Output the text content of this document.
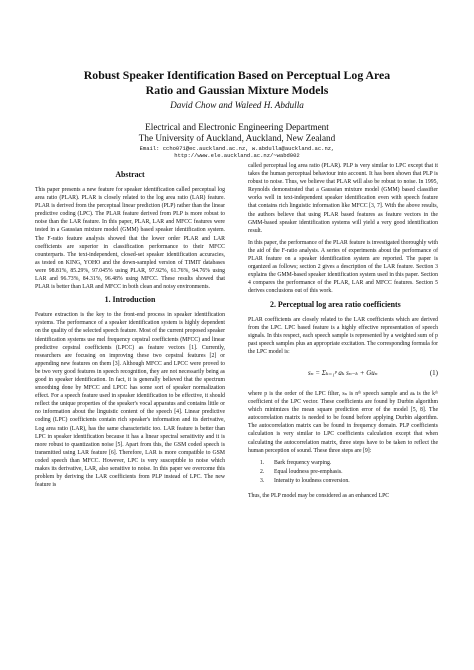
Robust Speaker Identification Based on Perceptual Log Area
Ratio and Gaussian Mixture Models
David Chow and Waleed H. Abdulla
Electrical and Electronic Engineering Department
The University of Auckland, Auckland, New Zealand
Email: ccho071@ec.auckland.ac.nz, w.abdulla@auckland.ac.nz,
http://www.ele.auckland.ac.nz/~wabd002
Abstract

This paper presents a new feature for speaker identification called perceptual log area ratio (PLAR). PLAR is closely related to the log area ratio (LAR) feature. PLAR is derived from the perceptual linear prediction (PLP) rather than the linear predictive coding (LPC). The PLAR feature derived from PLP is more robust to noise than the LAR feature. In this paper, PLAR, LAR and MFCC features were tested in a Gaussian mixture model (GMM) based speaker identification system. The F-ratio feature analysis showed that the lower order PLAR and LAR coefficients are superior in classification performance to their MFCC counterparts. The text-independent, closed-set speaker identification accuracies, as tested on KING, YOHO and the down-sampled version of TIMIT databases were 98.81%, 85.29%, 97.045% using PLAR, 97.92%, 61.76%, 94.76% using LAR and 96.73%, 84.31%, 96.48% using MFCC. These results showed that PLAR is better than LAR and MFCC in both clean and noisy environments.

1. Introduction

Feature extraction is the key to the front-end process in speaker identification systems. The performance of a speaker identification system is highly dependent on the quality of the selected speech feature. Most of the current proposed speaker identification systems use mel frequency cepstral coefficients (MFCC) and linear predictive cepstral coefficients (LPCC) as feature vectors [1]. Currently, researchers are focusing on improving these two cepstral features [2] or appending new features on them [3]. Although MFCC and LPCC were proved to be two very good features in speech recognition, they are not necessarily being as good in speaker identification. In fact, it is generally believed that the spectrum smoothing done by MFCC and LPCC has some sort of speaker normalization effect. For a speech feature used in speaker identification to be effective, it should reflect the unique properties of the speaker's vocal apparatus and contains little or no information about the linguistic content of the speech [4]. Linear predictive coding (LPC) coefficients contain rich speaker's information and its derivative, Log area ratio (LAR), has the same characteristic too. LAR feature is better than LPC in speaker identification because it has a linear spectral sensitivity and it is more robust to quantization noise [5]. Apart from this, the GSM coded speech is transmitted using LAR feature [6]. Therefore, LAR is more compatible to GSM coded speech than MFCC. However, LPC is very susceptible to noise which makes its derivative, LAR, also sensitive to noise. In this paper we overcome this problem by deriving the LAR coefficients from PLP instead of LPC. The new feature is

called perceptual log area ratio (PLAR). PLP is very similar to LPC except that it takes the human perceptual behaviour into account. It has been shown that PLP is robust to noise. Thus, we believe that PLAR will also be robust to noise. In 1995, Reynolds demonstrated that a Gaussian mixture model (GMM) based classifier works well in text-independent speaker identification even with speech feature that contains rich linguistic information like MFCC [3, 7]. With the above results, the authors believe that using PLAR based features as feature vectors in the GMM-based speaker identification systems will yield a very good identification result.

In this paper, the performance of the PLAR feature is investigated thoroughly with the aid of the F-ratio analysis. A series of experiments about the performance of PLAR feature on a speaker identification system are reported. The paper is organized as follows; section 2 gives a description of the LAR feature. Section 3 explains the GMM-based speaker identification system used in this paper. Section 4 compares the performance of the PLAR, LAR and MFCC features. Section 5 derives conclusions out of this work.

2. Perceptual log area ratio coefficients

PLAR coefficients are closely related to the LAR coefficients which are derived from the LPC. LPC based feature is a highly effective representation of speech signals. In this respect, each speech sample is represented by a weighted sum of p past speech samples plus an appropriate excitation. The corresponding formula for the LPC model is:

sₙ = Σₖ₌₁ᵖ aₖ sₙ₋ₖ + Guₙ	(1)

where p is the order of the LPC filter, sₙ is nᵗʰ speech sample and aₖ is the kᵗʰ coefficient of the LPC vector. These coefficients are found by Durbin algorithm which minimizes the mean square prediction error of the model [5, 8]. The autocorrelation matrix is needed to be found before applying Durbin algorithm. The autocorrelation matrix can be found in frequency domain. PLP coefficients calculation is very similar to LPC coefficients calculation except that when calculating the autocorrelation matrix, three steps have to be taken to reflect the human perception of sound. These three steps are [9]:

1.	Bark frequency warping.
2.	Equal loudness pre-emphasis.
3.	Intensity to loudness conversion.

Thus, the PLP model may be considered as an enhanced LPC
